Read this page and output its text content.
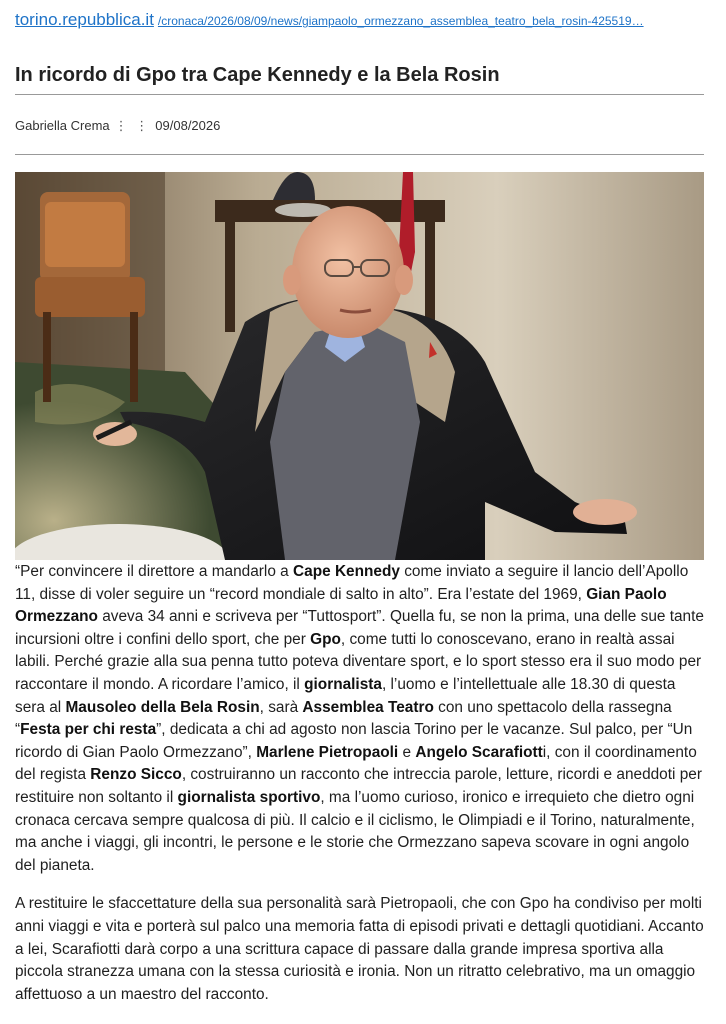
torino.repubblica.it /cronaca/2026/08/09/news/giampaolo_ormezzano_assemblea_teatro_bela_rosin-425519…
In ricordo di Gpo tra Cape Kennedy e la Bela Rosin
Gabriella Crema ⋮ ⋮ 09/08/2026

“Per convincere il direttore a mandarlo a Cape Kennedy come inviato a seguire il lancio dell’Apollo 11, disse di voler seguire un “record mondiale di salto in alto”. Era l’estate del 1969, Gian Paolo Ormezzano aveva 34 anni e scriveva per “Tuttosport”. Quella fu, se non la prima, una delle sue tante incursioni oltre i confini dello sport, che per Gpo, come tutti lo conoscevano, erano in realtà assai labili. Perché grazie alla sua penna tutto poteva diventare sport, e lo sport stesso era il suo modo per raccontare il mondo. A ricordare l’amico, il giornalista, l’uomo e l’intellettuale alle 18.30 di questa sera al Mausoleo della Bela Rosin, sarà Assemblea Teatro con uno spettacolo della rassegna “Festa per chi resta”, dedicata a chi ad agosto non lascia Torino per le vacanze. Sul palco, per “Un ricordo di Gian Paolo Ormezzano”, Marlene Pietropaoli e Angelo Scarafiotti, con il coordinamento del regista Renzo Sicco, costruiranno un racconto che intreccia parole, letture, ricordi e aneddoti per restituire non soltanto il giornalista sportivo, ma l’uomo curioso, ironico e irrequieto che dietro ogni cronaca cercava sempre qualcosa di più. Il calcio e il ciclismo, le Olimpiadi e il Torino, naturalmente, ma anche i viaggi, gli incontri, le persone e le storie che Ormezzano sapeva scovare in ogni angolo del pianeta.

A restituire le sfaccettature della sua personalità sarà Pietropaoli, che con Gpo ha condiviso per molti anni viaggi e vita e porterà sul palco una memoria fatta di episodi privati e dettagli quotidiani. Accanto a lei, Scarafiotti darà corpo a una scrittura capace di passare dalla grande impresa sportiva alla piccola stranezza umana con la stessa curiosità e ironia. Non un ritratto celebrativo, ma un omaggio affettuoso a un maestro del racconto.
